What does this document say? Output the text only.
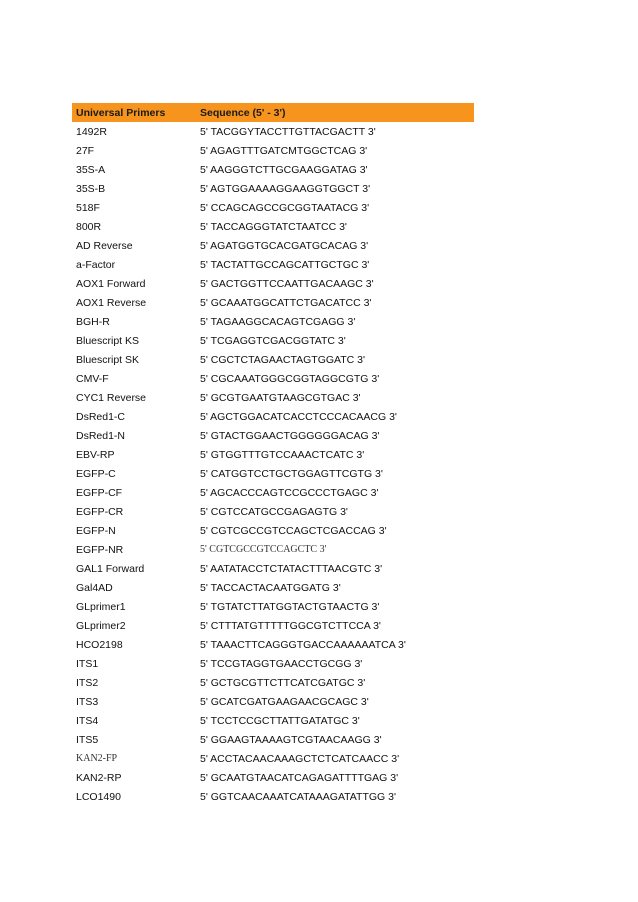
Universal Primers	Sequence (5' - 3')
1492R	5' TACGGYTACCTTGTTACGACTT 3'
27F	5' AGAGTTTGATCMTGGCTCAG 3'
35S-A	5' AAGGGTCTTGCGAAGGATAG 3'
35S-B	5' AGTGGAAAAGGAAGGTGGCT 3'
518F	5' CCAGCAGCCGCGGTAATACG 3'
800R	5' TACCAGGGTATCTAATCC 3'
AD Reverse	5' AGATGGTGCACGATGCACAG 3'
a-Factor	5' TACTATTGCCAGCATTGCTGC 3'
AOX1 Forward	5' GACTGGTTCCAATTGACAAGC 3'
AOX1 Reverse	5' GCAAATGGCATTCTGACATCC 3'
BGH-R	5' TAGAAGGCACAGTCGAGG 3'
Bluescript KS	5' TCGAGGTCGACGGTATC 3'
Bluescript SK	5' CGCTCTAGAACTAGTGGATC 3'
CMV-F	5' CGCAAATGGGCGGTAGGCGTG 3'
CYC1 Reverse	5' GCGTGAATGTAAGCGTGAC 3'
DsRed1-C	5' AGCTGGACATCACCTCCCACAACG 3'
DsRed1-N	5' GTACTGGAACTGGGGGGACAG 3'
EBV-RP	5' GTGGTTTGTCCAAACTCATC 3'
EGFP-C	5' CATGGTCCTGCTGGAGTTCGTG 3'
EGFP-CF	5' AGCACCCAGTCCGCCCTGAGC 3'
EGFP-CR	5' CGTCCATGCCGAGAGTG 3'
EGFP-N	5' CGTCGCCGTCCAGCTCGACCAG 3'
EGFP-NR	5' CGTCGCCGTCCAGCTC 3'
GAL1 Forward	5' AATATACCTCTATACTTTAACGTC 3'
Gal4AD	5' TACCACTACAATGGATG 3'
GLprimer1	5' TGTATCTTATGGTACTGTAACTG 3'
GLprimer2	5' CTTTATGTTTTTGGCGTCTTCCA 3'
HCO2198	5' TAAACTTCAGGGTGACCAAAAAATCA 3'
ITS1	5' TCCGTAGGTGAACCTGCGG 3'
ITS2	5' GCTGCGTTCTTCATCGATGC 3'
ITS3	5' GCATCGATGAAGAACGCAGC 3'
ITS4	5' TCCTCCGCTTATTGATATGC 3'
ITS5	5' GGAAGTAAAAGTCGTAACAAGG 3'
KAN2-FP	5' ACCTACAACAAAGCTCTCATCAACC 3'
KAN2-RP	5' GCAATGTAACATCAGAGATTTTGAG 3'
LCO1490	5' GGTCAACAAATCATAAAGATATTGG 3'
